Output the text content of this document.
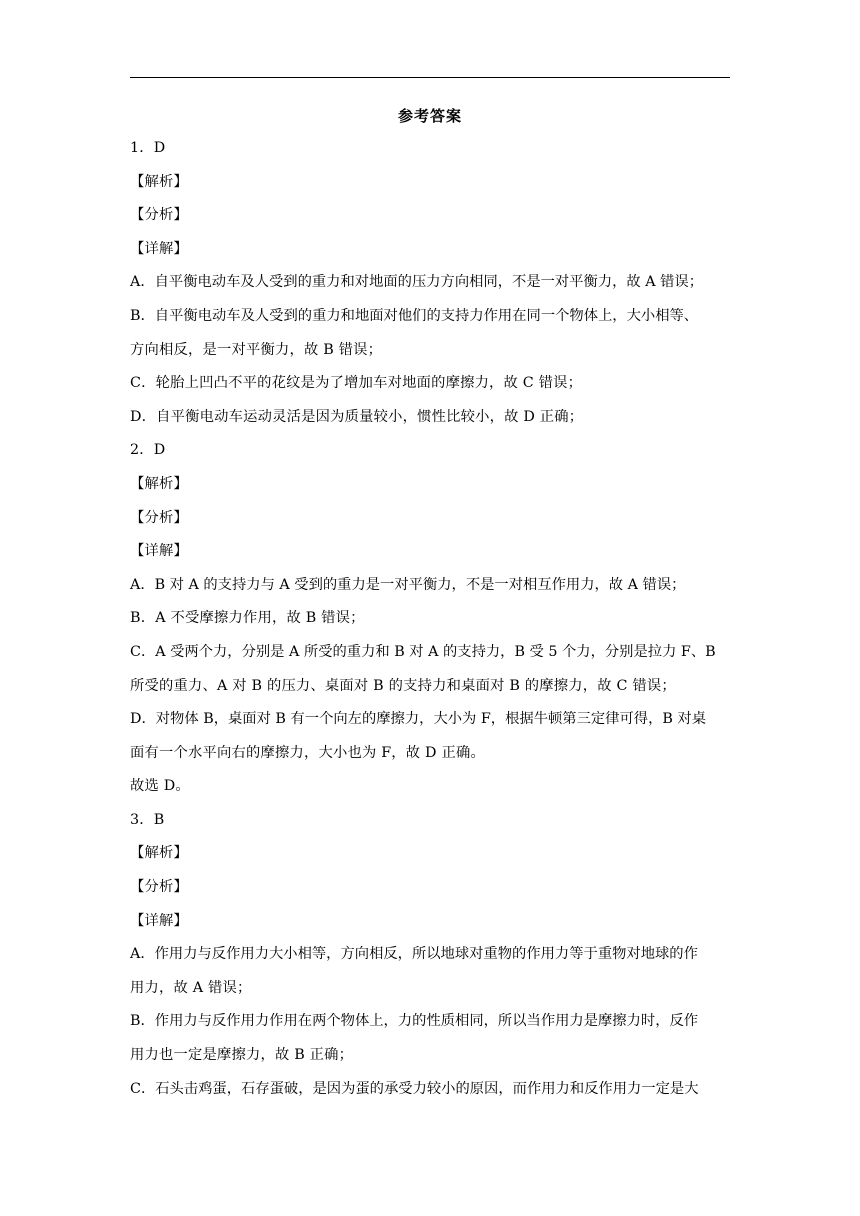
参考答案
1．D
【解析】
【分析】
【详解】
A．自平衡电动车及人受到的重力和对地面的压力方向相同，不是一对平衡力，故 A 错误；
B．自平衡电动车及人受到的重力和地面对他们的支持力作用在同一个物体上，大小相等、
方向相反，是一对平衡力，故 B 错误；
C．轮胎上凹凸不平的花纹是为了增加车对地面的摩擦力，故 C 错误；
D．自平衡电动车运动灵活是因为质量较小，惯性比较小，故 D 正确；
2．D
【解析】
【分析】
【详解】
A．B 对 A 的支持力与 A 受到的重力是一对平衡力，不是一对相互作用力，故 A 错误；
B．A 不受摩擦力作用，故 B 错误；
C．A 受两个力，分别是 A 所受的重力和 B 对 A 的支持力，B 受 5 个力，分别是拉力 F、B
所受的重力、A 对 B 的压力、桌面对 B 的支持力和桌面对 B 的摩擦力，故 C 错误；
D．对物体 B，桌面对 B 有一个向左的摩擦力，大小为 F，根据牛顿第三定律可得，B 对桌
面有一个水平向右的摩擦力，大小也为 F，故 D 正确。
故选 D。
3．B
【解析】
【分析】
【详解】
A．作用力与反作用力大小相等，方向相反，所以地球对重物的作用力等于重物对地球的作
用力，故 A 错误；
B．作用力与反作用力作用在两个物体上，力的性质相同，所以当作用力是摩擦力时，反作
用力也一定是摩擦力，故 B 正确；
C．石头击鸡蛋，石存蛋破，是因为蛋的承受力较小的原因，而作用力和反作用力一定是大
